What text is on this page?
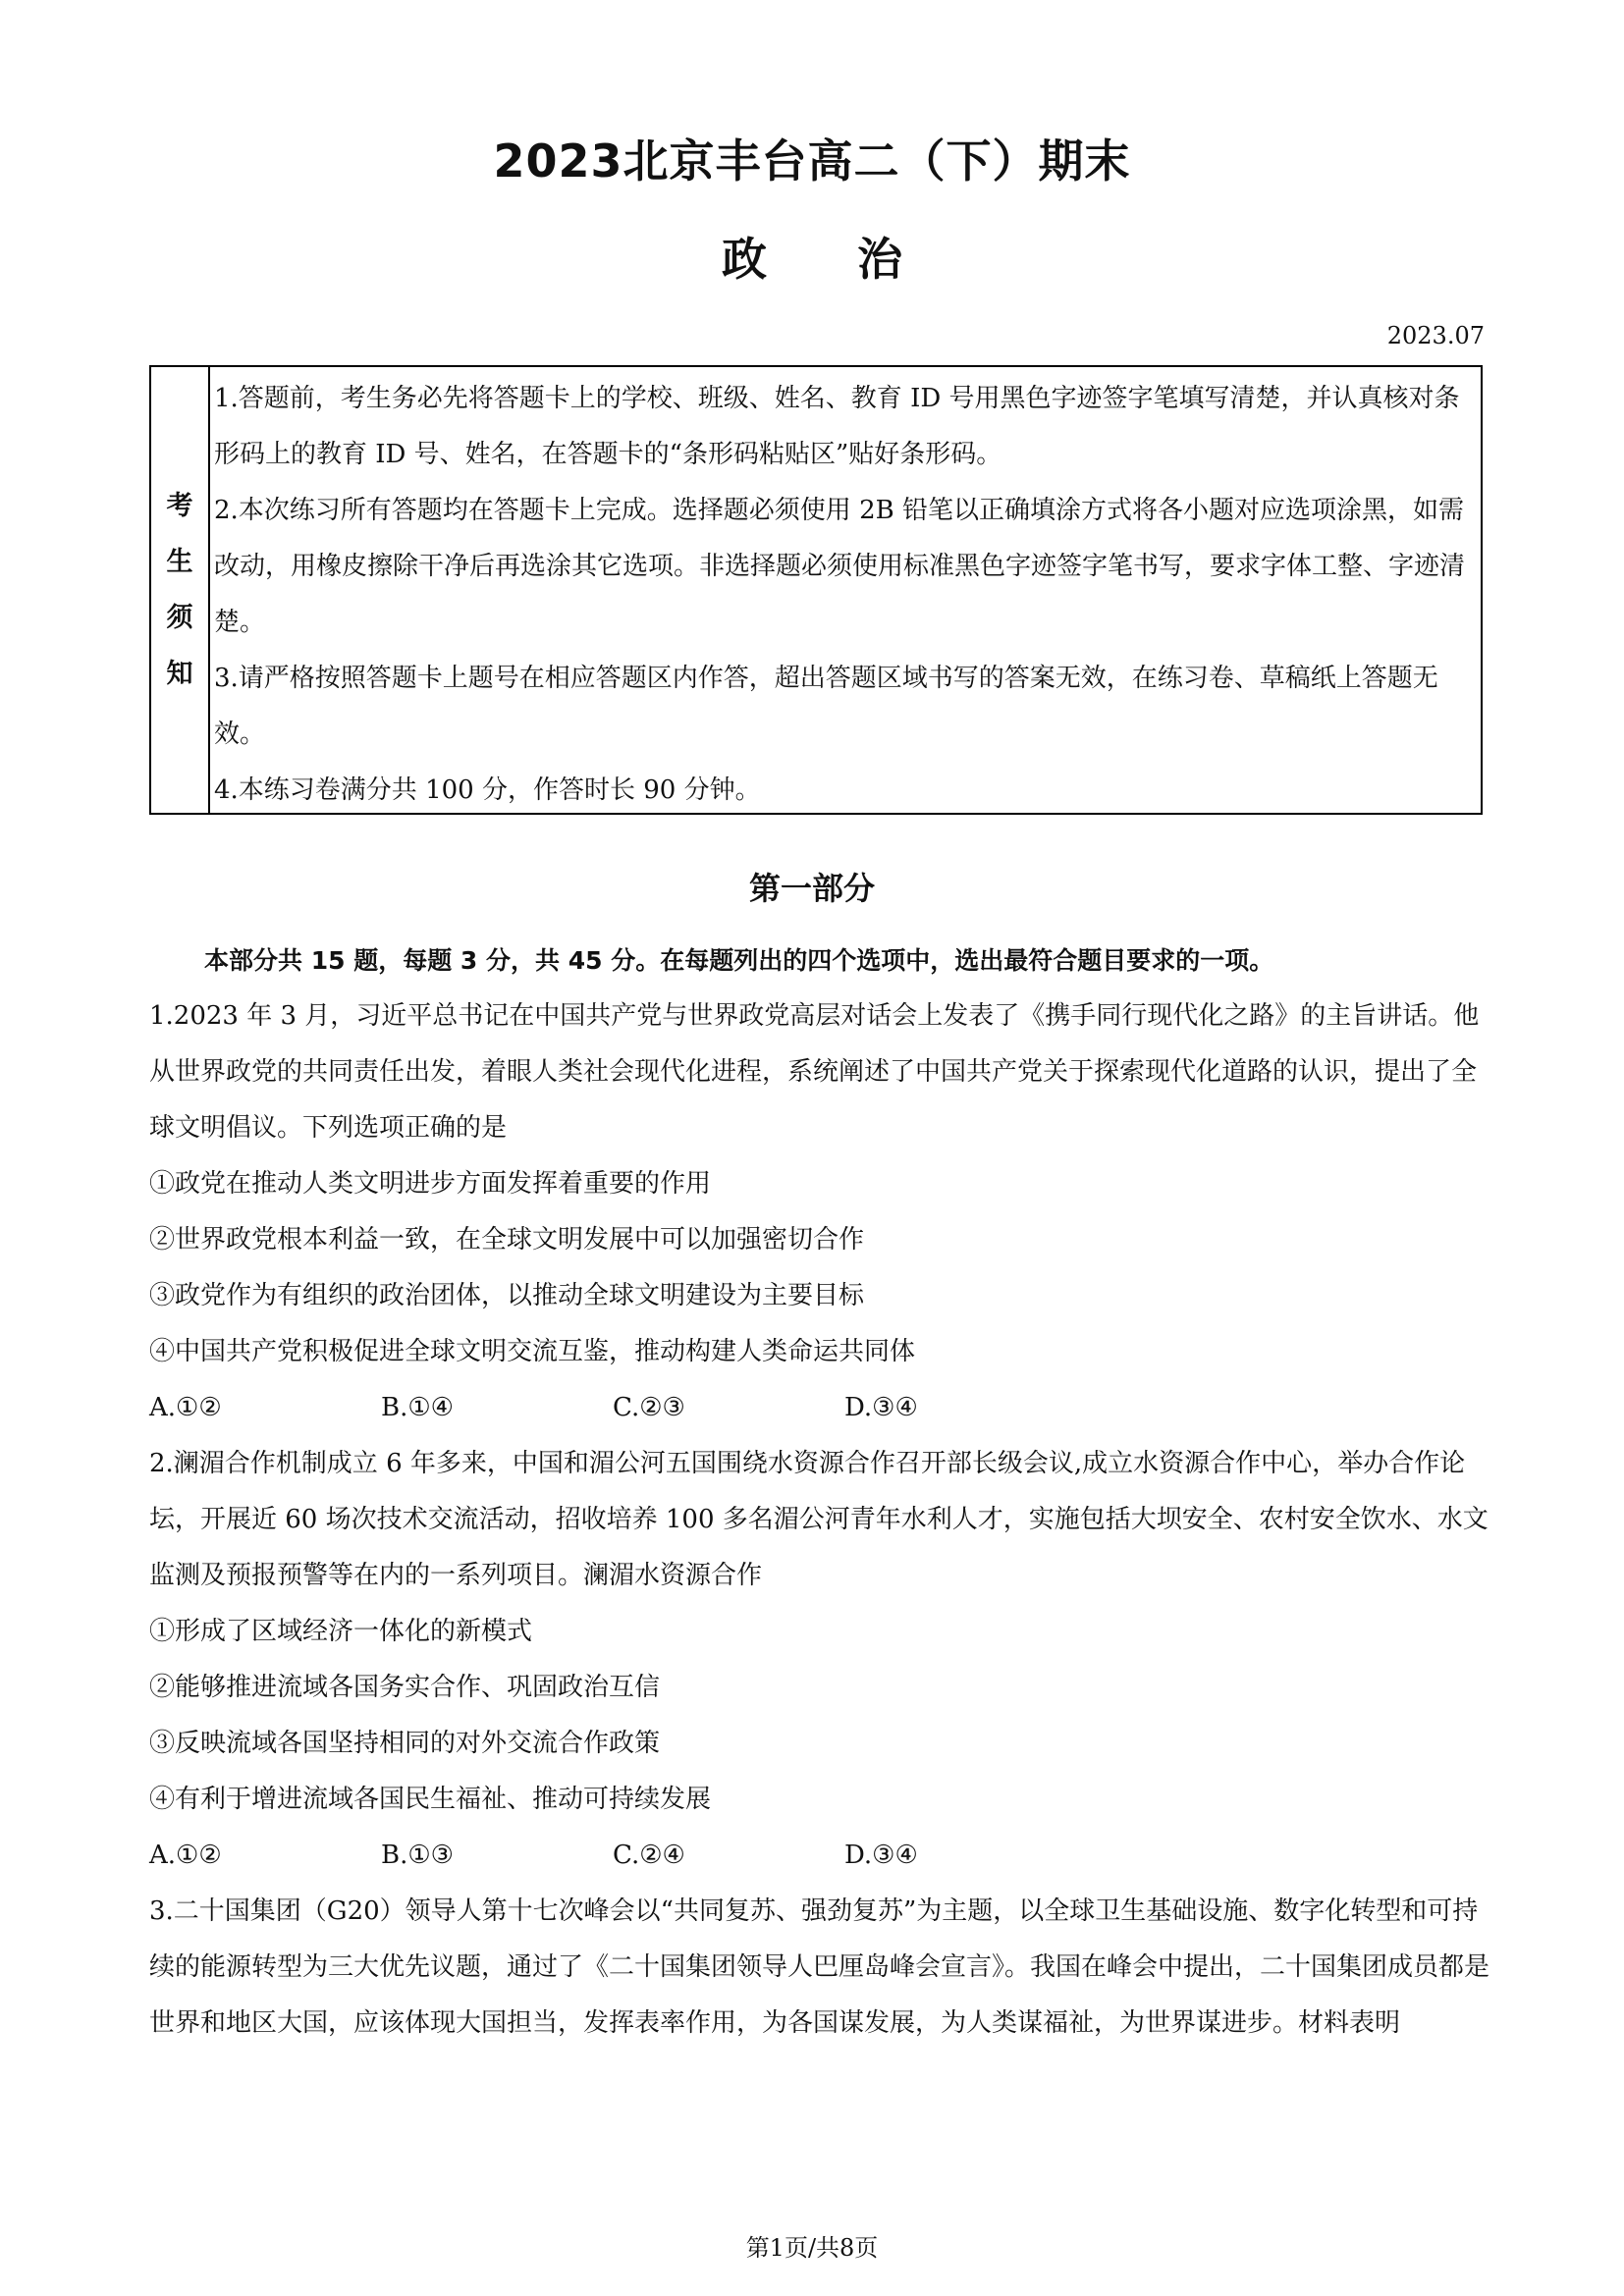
2023北京丰台高二（下）期末
政　　治
2023.07
考
生
须
知

1.答题前，考生务必先将答题卡上的学校、班级、姓名、教育 ID 号用黑色字迹签字笔填写清楚，并认真核对条形码上的教育 ID 号、姓名，在答题卡的“条形码粘贴区”贴好条形码。

2.本次练习所有答题均在答题卡上完成。选择题必须使用 2B 铅笔以正确填涂方式将各小题对应选项涂黑，如需改动，用橡皮擦除干净后再选涂其它选项。非选择题必须使用标准黑色字迹签字笔书写，要求字体工整、字迹清楚。

3.请严格按照答题卡上题号在相应答题区内作答，超出答题区域书写的答案无效，在练习卷、草稿纸上答题无效。

4.本练习卷满分共 100 分，作答时长 90 分钟。

第一部分

本部分共 15 题，每题 3 分，共 45 分。在每题列出的四个选项中，选出最符合题目要求的一项。

1.2023 年 3 月，习近平总书记在中国共产党与世界政党高层对话会上发表了《携手同行现代化之路》的主旨讲话。他从世界政党的共同责任出发，着眼人类社会现代化进程，系统阐述了中国共产党关于探索现代化道路的认识，提出了全球文明倡议。下列选项正确的是

①政党在推动人类文明进步方面发挥着重要的作用

②世界政党根本利益一致，在全球文明发展中可以加强密切合作

③政党作为有组织的政治团体，以推动全球文明建设为主要目标

④中国共产党积极促进全球文明交流互鉴，推动构建人类命运共同体

A.①②	B.①④	C.②③	D.③④

2.澜湄合作机制成立 6 年多来，中国和湄公河五国围绕水资源合作召开部长级会议,成立水资源合作中心，举办合作论坛，开展近 60 场次技术交流活动，招收培养 100 多名湄公河青年水利人才，实施包括大坝安全、农村安全饮水、水文监测及预报预警等在内的一系列项目。澜湄水资源合作

①形成了区域经济一体化的新模式

②能够推进流域各国务实合作、巩固政治互信

③反映流域各国坚持相同的对外交流合作政策

④有利于增进流域各国民生福祉、推动可持续发展

A.①②	B.①③	C.②④	D.③④

3.二十国集团（G20）领导人第十七次峰会以“共同复苏、强劲复苏”为主题，以全球卫生基础设施、数字化转型和可持续的能源转型为三大优先议题，通过了《二十国集团领导人巴厘岛峰会宣言》。我国在峰会中提出，二十国集团成员都是世界和地区大国，应该体现大国担当，发挥表率作用，为各国谋发展，为人类谋福祉，为世界谋进步。材料表明

第1页/共8页
